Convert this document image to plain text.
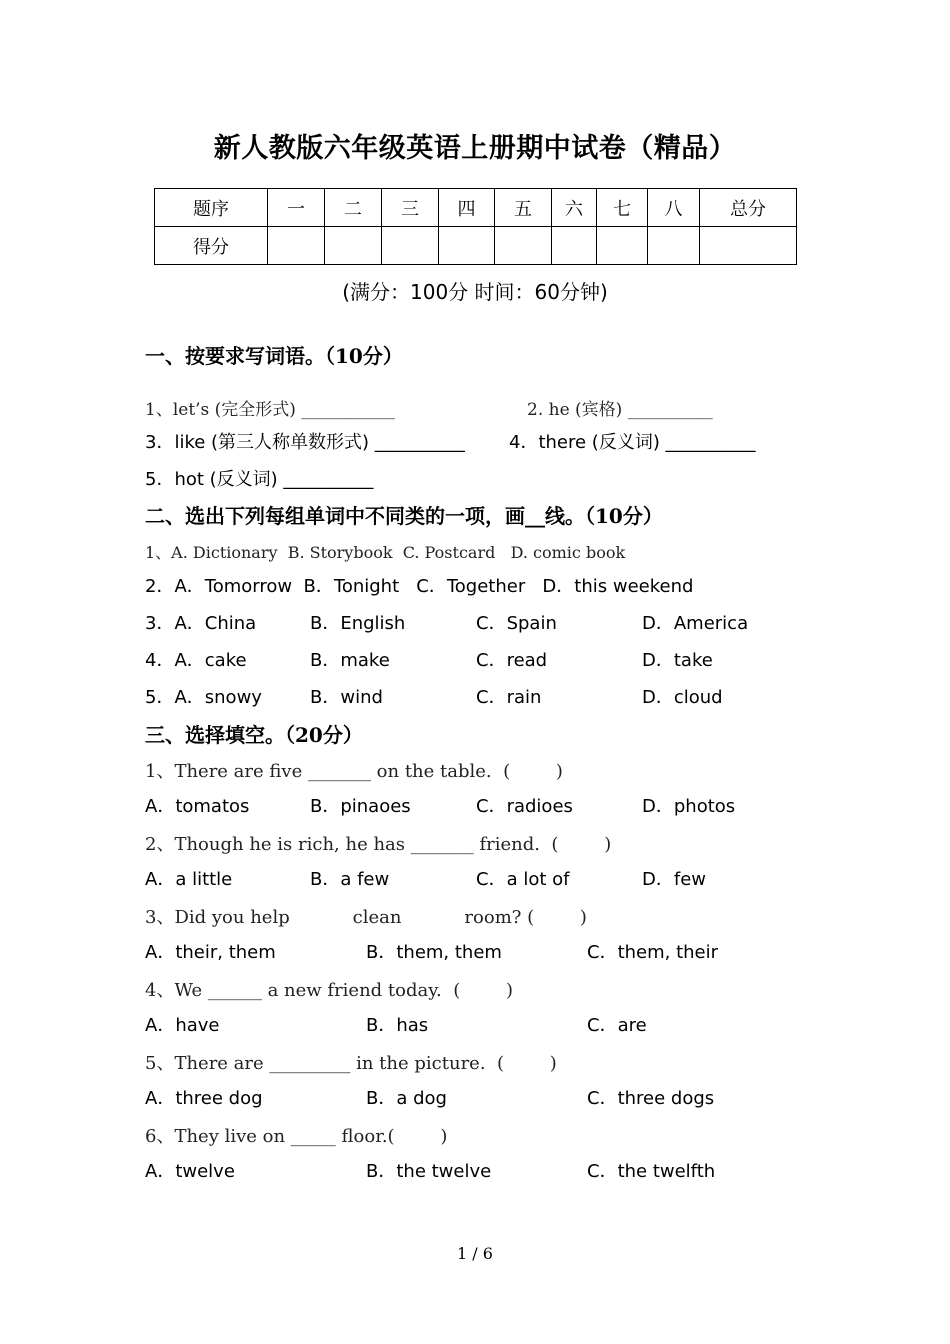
新人教版六年级英语上册期中试卷（精品）
题序	一	二	三	四	五	六	七	八	总分
得分									
(满分：100分 时间：60分钟)
一、按要求写词语。（10分）
1、let’s (完全形式) ___________	2. he (宾格) __________
3．like (第三人称单数形式) __________ 4．there (反义词) __________
5．hot (反义词) __________
二、选出下列每组单词中不同类的一项，画__线。（10分）
1、A. Dictionary  B. Storybook  C. Postcard   D. comic book
2．A．Tomorrow  B．Tonight   C．Together   D．this weekend
3．A．China	B．English	C．Spain	D．America
4．A．cake	B．make	C．read	D．take
5．A．snowy	B．wind	C．rain	D．cloud
三、选择填空。（20分）
1、There are five _______ on the table.  (        )
A．tomatos	B．pinaoes	C．radioes	D．photos
2、Though he is rich, he has _______ friend.  (        )
A．a little	B．a few	C．a lot of	D．few
3、Did you help           clean           room? (        )
A．their, them	B．them, them	C．them, their
4、We ______ a new friend today.  (        )
A．have	B．has	C．are
5、There are _________ in the picture.  (        )
A．three dog	B．a dog	C．three dogs
6、They live on _____ floor.(        )
A．twelve	B．the twelve	C．the twelfth
1 / 6
